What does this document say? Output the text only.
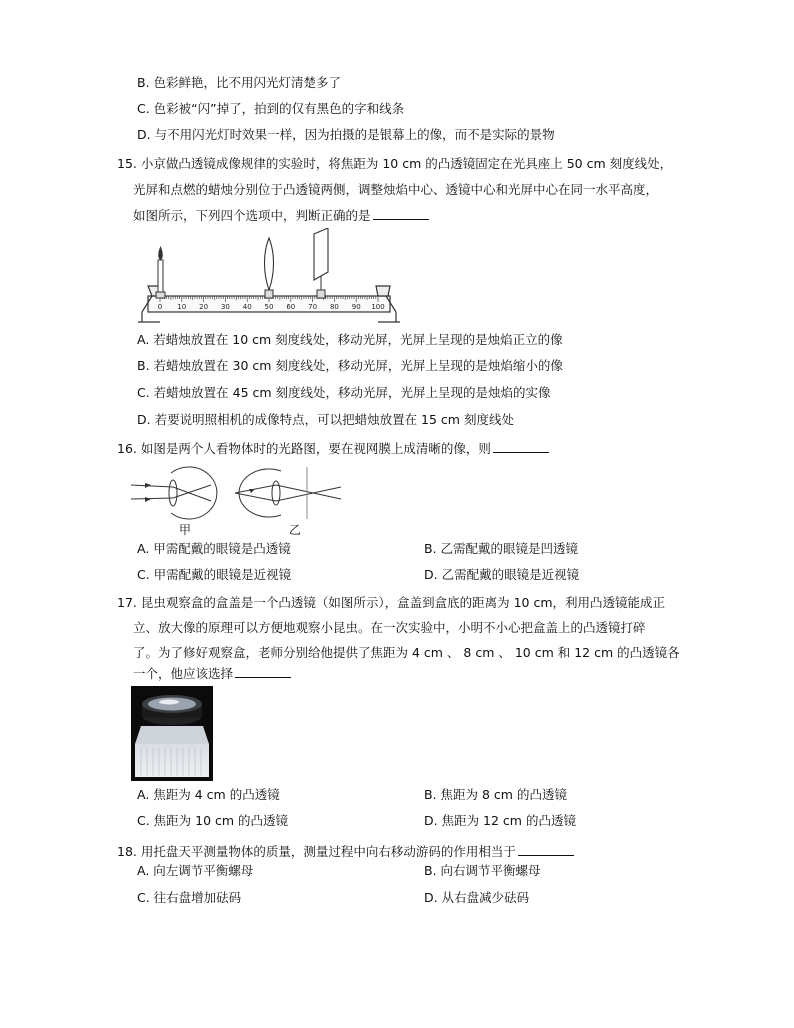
B. 色彩鲜艳，比不用闪光灯清楚多了
C. 色彩被“闪”掉了，拍到的仅有黑色的字和线条
D. 与不用闪光灯时效果一样，因为拍摄的是银幕上的像，而不是实际的景物
15. 小京做凸透镜成像规律的实验时，将焦距为 10 cm 的凸透镜固定在光具座上 50 cm 刻度线处，
光屏和点燃的蜡烛分别位于凸透镜两侧，调整烛焰中心、透镜中心和光屏中心在同一水平高度，
如图所示，下列四个选项中，判断正确的是
0 10 20 30 40 50 60 70 80 90 100
A. 若蜡烛放置在 10 cm 刻度线处，移动光屏，光屏上呈现的是烛焰正立的像
B. 若蜡烛放置在 30 cm 刻度线处，移动光屏，光屏上呈现的是烛焰缩小的像
C. 若蜡烛放置在 45 cm 刻度线处，移动光屏，光屏上呈现的是烛焰的实像
D. 若要说明照相机的成像特点，可以把蜡烛放置在 15 cm 刻度线处
16. 如图是两个人看物体时的光路图，要在视网膜上成清晰的像，则
甲	乙
A. 甲需配戴的眼镜是凸透镜	B. 乙需配戴的眼镜是凹透镜
C. 甲需配戴的眼镜是近视镜	D. 乙需配戴的眼镜是近视镜
17. 昆虫观察盒的盒盖是一个凸透镜（如图所示），盒盖到盒底的距离为 10 cm，利用凸透镜能成正
立、放大像的原理可以方便地观察小昆虫。在一次实验中，小明不小心把盒盖上的凸透镜打碎
了。为了修好观察盒，老师分别给他提供了焦距为 4 cm 、 8 cm 、 10 cm 和 12 cm 的凸透镜各
一个，他应该选择
A. 焦距为 4 cm 的凸透镜	B. 焦距为 8 cm 的凸透镜
C. 焦距为 10 cm 的凸透镜	D. 焦距为 12 cm 的凸透镜
18. 用托盘天平测量物体的质量，测量过程中向右移动游码的作用相当于
A. 向左调节平衡螺母	B. 向右调节平衡螺母
C. 往右盘增加砝码	D. 从右盘减少砝码
